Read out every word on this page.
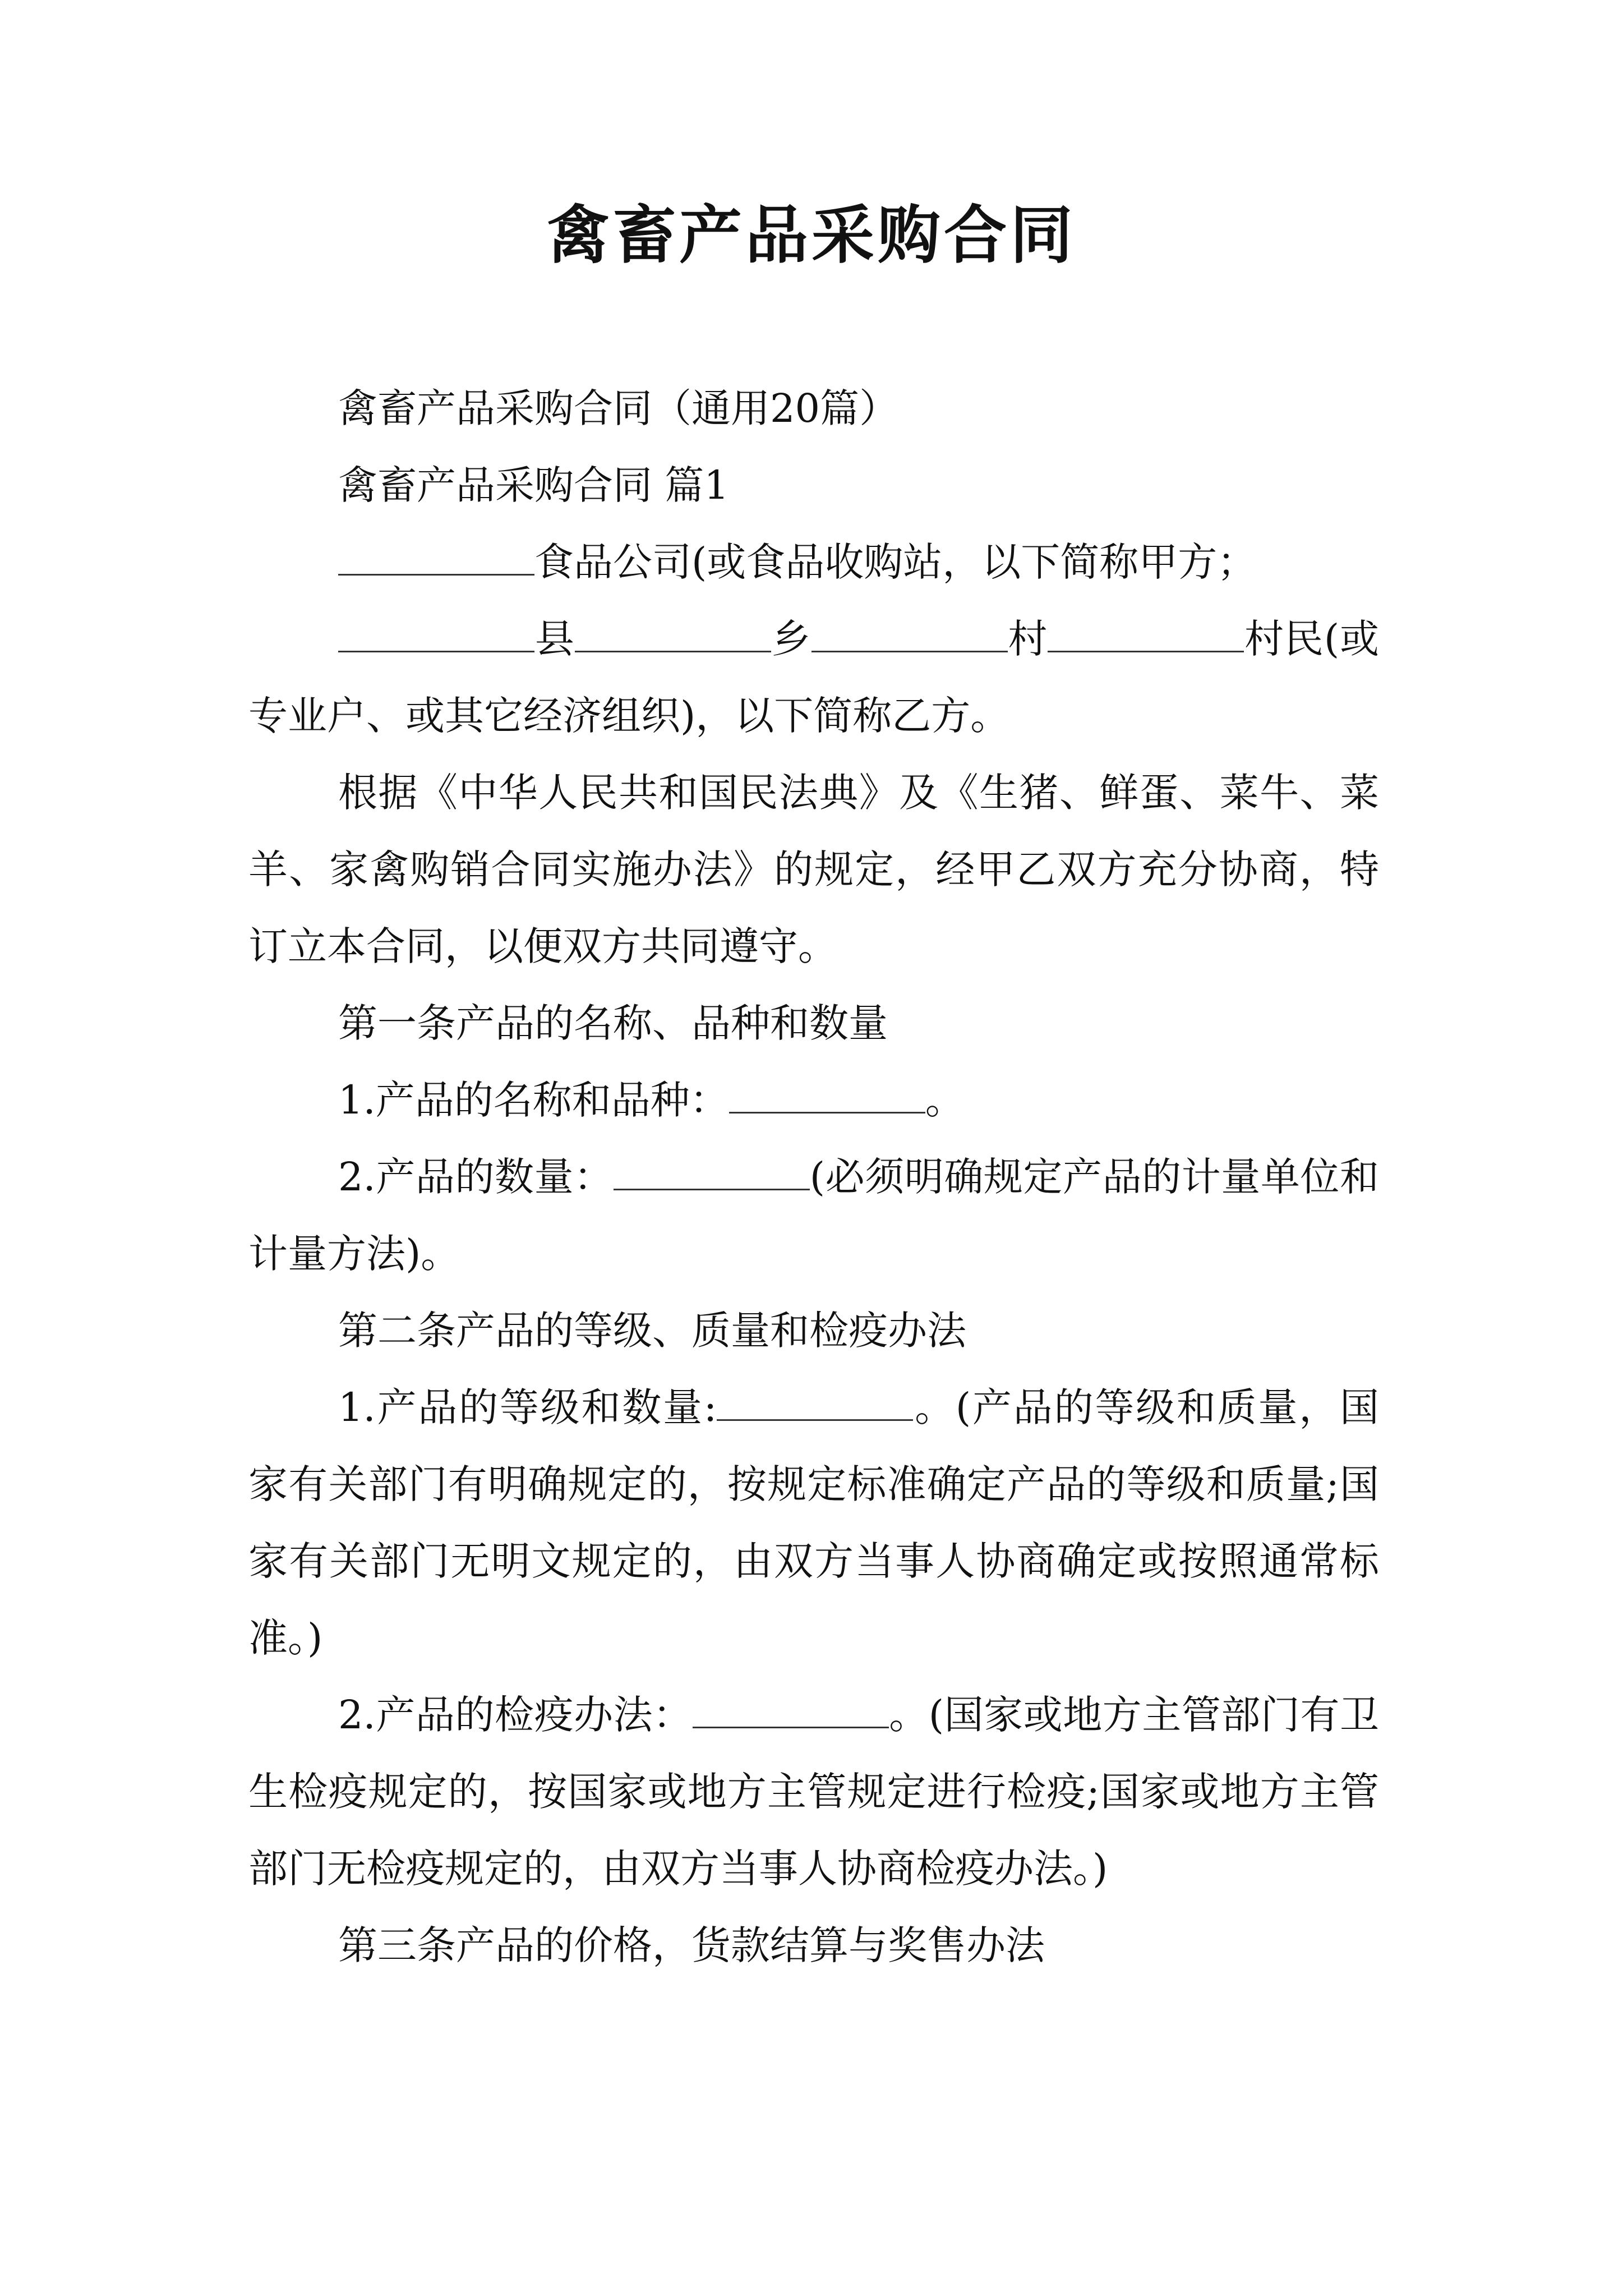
禽畜产品采购合同

禽畜产品采购合同（通用20篇）

禽畜产品采购合同 篇1

食品公司(或食品收购站，以下简称甲方；

县	乡	村	村民(或专业户、或其它经济组织)，以下简称乙方。

根据《中华人民共和国民法典》及《生猪、鲜蛋、菜牛、菜羊、家禽购销合同实施办法》的规定，经甲乙双方充分协商，特订立本合同，以便双方共同遵守。

第一条产品的名称、品种和数量

1.产品的名称和品种：	。

2.产品的数量：	(必须明确规定产品的计量单位和计量方法)。

第二条产品的等级、质量和检疫办法

1.产品的等级和数量:	。(产品的等级和质量，国家有关部门有明确规定的，按规定标准确定产品的等级和质量;国家有关部门无明文规定的，由双方当事人协商确定或按照通常标准。)

2.产品的检疫办法：	。(国家或地方主管部门有卫生检疫规定的，按国家或地方主管规定进行检疫;国家或地方主管部门无检疫规定的，由双方当事人协商检疫办法。)

第三条产品的价格，货款结算与奖售办法
